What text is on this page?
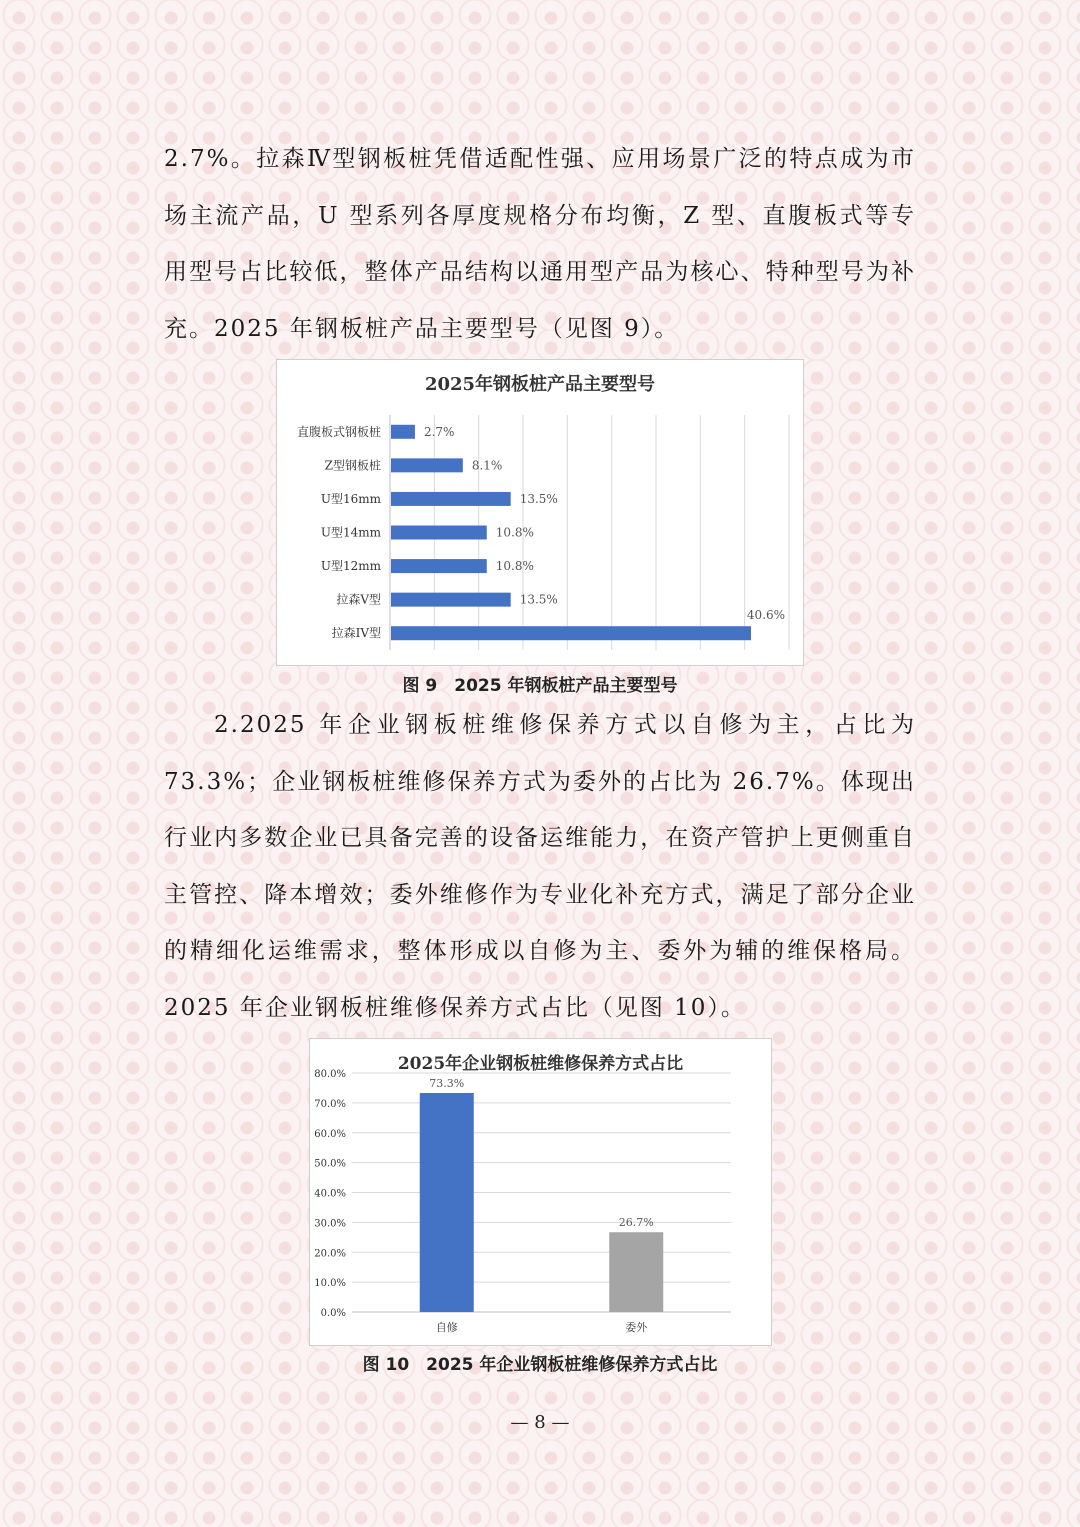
2.7%。拉森Ⅳ型钢板桩凭借适配性强、应用场景广泛的特点成为市场主流产品，U 型系列各厚度规格分布均衡，Z 型、直腹板式等专用型号占比较低，整体产品结构以通用型产品为核心、特种型号为补充。2025 年钢板桩产品主要型号（见图 9）。

2025年钢板桩产品主要型号
直腹板式钢板桩	2.7%
Z型钢板桩	8.1%
U型16mm	13.5%
U型14mm	10.8%
U型12mm	10.8%
拉森V型	13.5%
拉森IV型
40.6%
图 9　2025 年钢板桩产品主要型号

2.2025 年企业钢板桩维修保养方式以自修为主，占比为 73.3%；企业钢板桩维修保养方式为委外的占比为 26.7%。体现出行业内多数企业已具备完善的设备运维能力，在资产管护上更侧重自主管控、降本增效；委外维修作为专业化补充方式，满足了部分企业的精细化运维需求，整体形成以自修为主、委外为辅的维保格局。2025 年企业钢板桩维修保养方式占比（见图 10）。

2025年企业钢板桩维修保养方式占比
0.0%
10.0%
20.0%
30.0%
40.0%
50.0%
60.0%
70.0%
80.0%
73.3%
自修
26.7%
委外
图 10　2025 年企业钢板桩维修保养方式占比
— 8 —
